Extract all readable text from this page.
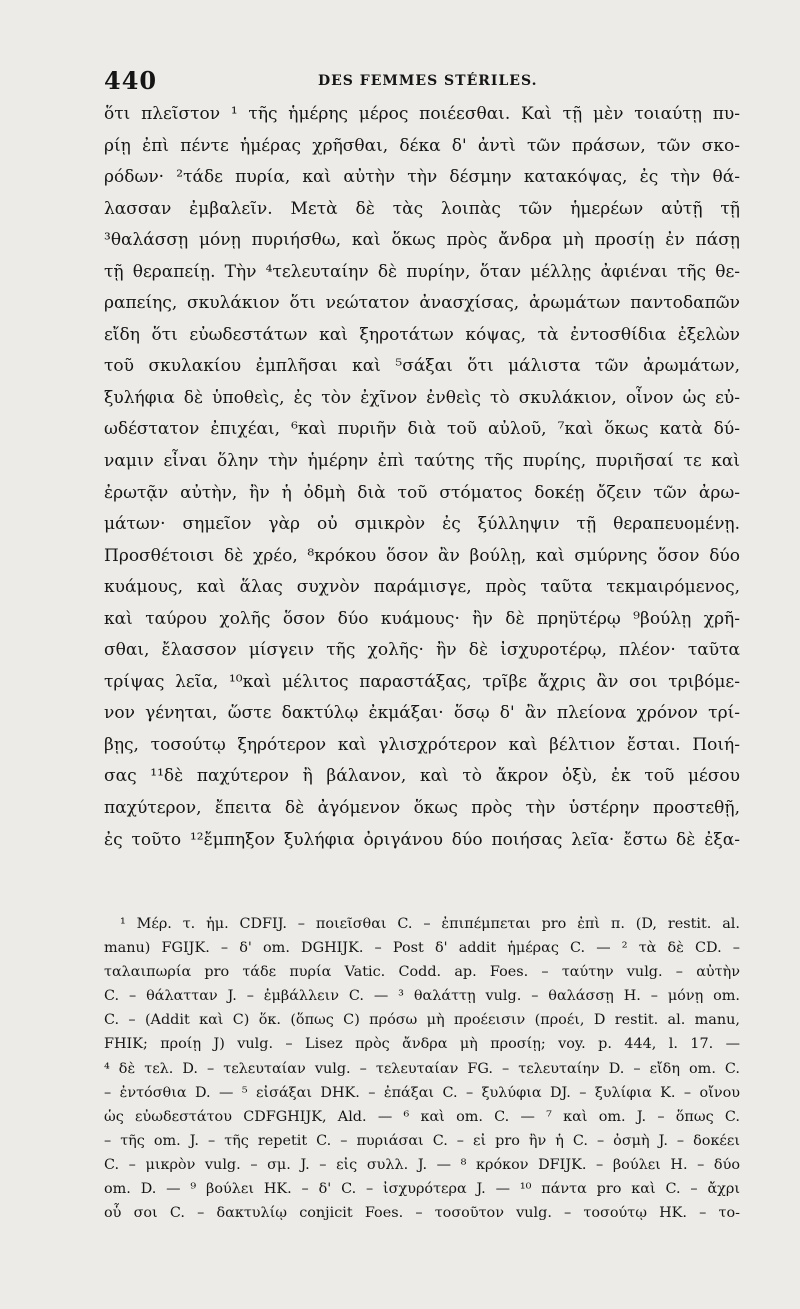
440	DES FEMMES STÉRILES.
ὅτι πλεῖστον ¹ τῆς ἡμέρης μέρος ποιέεσθαι. Καὶ τῇ μὲν τοιαύτῃ πυ-
ρίῃ ἐπὶ πέντε ἡμέρας χρῆσθαι, δέκα δ' ἀντὶ τῶν πράσων, τῶν σκο-
ρόδων· ²τάδε πυρία, καὶ αὐτὴν τὴν δέσμην κατακόψας, ἐς τὴν θά-
λασσαν ἐμβαλεῖν. Μετὰ δὲ τὰς λοιπὰς τῶν ἡμερέων αὐτῇ τῇ
³θαλάσσῃ μόνῃ πυριήσθω, καὶ ὅκως πρὸς ἄνδρα μὴ προσίῃ ἐν πάσῃ
τῇ θεραπείῃ. Τὴν ⁴τελευταίην δὲ πυρίην, ὅταν μέλλῃς ἀφιέναι τῆς θε-
ραπείης, σκυλάκιον ὅτι νεώτατον ἀνασχίσας, ἀρωμάτων παντοδαπῶν
εἴδη ὅτι εὐωδεστάτων καὶ ξηροτάτων κόψας, τὰ ἐντοσθίδια ἐξελὼν
τοῦ σκυλακίου ἐμπλῆσαι καὶ ⁵σάξαι ὅτι μάλιστα τῶν ἀρωμάτων,
ξυλήφια δὲ ὑποθεὶς, ἐς τὸν ἐχῖνον ἐνθεὶς τὸ σκυλάκιον, οἶνον ὡς εὐ-
ωδέστατον ἐπιχέαι, ⁶καὶ πυριῆν διὰ τοῦ αὐλοῦ, ⁷καὶ ὅκως κατὰ δύ-
ναμιν εἶναι ὅλην τὴν ἡμέρην ἐπὶ ταύτης τῆς πυρίης, πυριῆσαί τε καὶ
ἐρωτᾷν αὐτὴν, ἢν ἡ ὀδμὴ διὰ τοῦ στόματος δοκέῃ ὄζειν τῶν ἀρω-
μάτων· σημεῖον γὰρ οὐ σμικρὸν ἐς ξύλληψιν τῇ θεραπευομένῃ.
Προσθέτοισι δὲ χρέο, ⁸κρόκου ὅσον ἂν βούλῃ, καὶ σμύρνης ὅσον δύο
κυάμους, καὶ ἅλας συχνὸν παράμισγε, πρὸς ταῦτα τεκμαιρόμενος,
καὶ ταύρου χολῆς ὅσον δύο κυάμους· ἢν δὲ πρηϋτέρῳ ⁹βούλῃ χρῆ-
σθαι, ἔλασσον μίσγειν τῆς χολῆς· ἢν δὲ ἰσχυροτέρῳ, πλέον· ταῦτα
τρίψας λεῖα, ¹⁰καὶ μέλιτος παραστάξας, τρῖβε ἄχρις ἂν σοι τριβόμε-
νον γένηται, ὥστε δακτύλῳ ἐκμάξαι· ὅσῳ δ' ἂν πλείονα χρόνον τρί-
βῃς, τοσούτῳ ξηρότερον καὶ γλισχρότερον καὶ βέλτιον ἔσται. Ποιή-
σας ¹¹δὲ παχύτερον ἢ βάλανον, καὶ τὸ ἄκρον ὀξὺ, ἐκ τοῦ μέσου
παχύτερον, ἔπειτα δὲ ἀγόμενον ὅκως πρὸς τὴν ὑστέρην προστεθῇ,
ἐς τοῦτο ¹²ἔμπηξον ξυλήφια ὀριγάνου δύο ποιήσας λεῖα· ἔστω δὲ ἐξα-
¹ Μέρ. τ. ἡμ. CDFIJ. – ποιεῖσθαι C. – ἐπιπέμπεται pro ἐπὶ π. (D, restit. al.
manu) FGIJK. – δ' om. DGHIJK. – Post δ' addit ἡμέρας C. — ² τὰ δὲ CD. –
ταλαιπωρία pro τάδε πυρία Vatic. Codd. ap. Foes. – ταύτην vulg. – αὐτὴν
C. – θάλατταν J. – ἐμβάλλειν C. — ³ θαλάττῃ vulg. – θαλάσσῃ H. – μόνῃ om.
C. – (Addit καὶ C) ὅκ. (ὅπως C) πρόσω μὴ προέεισιν (προέι, D restit. al. manu,
FHIK; προίῃ J) vulg. – Lisez πρὸς ἄνδρα μὴ προσίῃ; voy. p. 444, l. 17. —
⁴ δὲ τελ. D. – τελευταίαν vulg. – τελευταίαν FG. – τελευταίην D. – εἴδη om. C.
– ἐντόσθια D. — ⁵ εἰσάξαι DHK. – ἐπάξαι C. – ξυλύφια DJ. – ξυλίφια K. – οἴνου
ὡς εὐωδεστάτου CDFGHIJK, Ald. — ⁶ καὶ om. C. — ⁷ καὶ om. J. – ὅπως C.
– τῆς om. J. – τῆς repetit C. – πυριάσαι C. – εἰ pro ἢν ἡ C. – ὀσμὴ J. – δοκέει
C. – μικρὸν vulg. – σμ. J. – εἰς συλλ. J. — ⁸ κρόκον DFIJK. – βούλει H. – δύο
om. D. — ⁹ βούλει HK. – δ' C. – ἰσχυρότερα J. — ¹⁰ πάντα pro καὶ C. – ἄχρι
οὗ σοι C. – δακτυλίῳ conjicit Foes. – τοσοῦτον vulg. – τοσούτῳ HK. – το-
